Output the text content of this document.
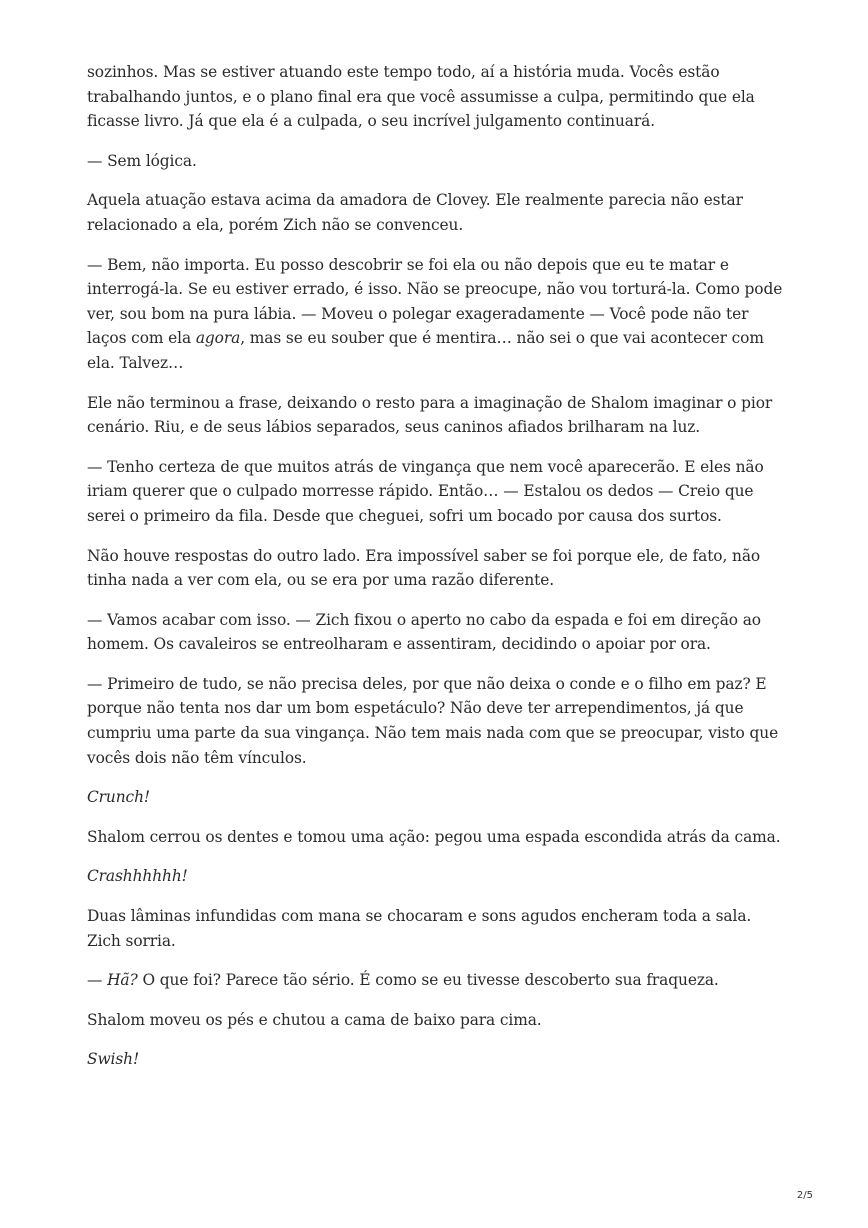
sozinhos. Mas se estiver atuando este tempo todo, aí a história muda. Vocês estão trabalhando juntos, e o plano final era que você assumisse a culpa, permitindo que ela ficasse livro. Já que ela é a culpada, o seu incrível julgamento continuará.

— Sem lógica.

Aquela atuação estava acima da amadora de Clovey. Ele realmente parecia não estar relacionado a ela, porém Zich não se convenceu.

— Bem, não importa. Eu posso descobrir se foi ela ou não depois que eu te matar e interrogá-la. Se eu estiver errado, é isso. Não se preocupe, não vou torturá-la. Como pode ver, sou bom na pura lábia. — Moveu o polegar exageradamente — Você pode não ter laços com ela agora, mas se eu souber que é mentira… não sei o que vai acontecer com ela. Talvez…

Ele não terminou a frase, deixando o resto para a imaginação de Shalom imaginar o pior cenário. Riu, e de seus lábios separados, seus caninos afiados brilharam na luz.

— Tenho certeza de que muitos atrás de vingança que nem você aparecerão. E eles não iriam querer que o culpado morresse rápido. Então… — Estalou os dedos — Creio que serei o primeiro da fila. Desde que cheguei, sofri um bocado por causa dos surtos.

Não houve respostas do outro lado. Era impossível saber se foi porque ele, de fato, não tinha nada a ver com ela, ou se era por uma razão diferente.

— Vamos acabar com isso. — Zich fixou o aperto no cabo da espada e foi em direção ao homem. Os cavaleiros se entreolharam e assentiram, decidindo o apoiar por ora.

— Primeiro de tudo, se não precisa deles, por que não deixa o conde e o filho em paz? E porque não tenta nos dar um bom espetáculo? Não deve ter arrependimentos, já que cumpriu uma parte da sua vingança. Não tem mais nada com que se preocupar, visto que vocês dois não têm vínculos.

Crunch!

Shalom cerrou os dentes e tomou uma ação: pegou uma espada escondida atrás da cama.

Crashhhhhh!

Duas lâminas infundidas com mana se chocaram e sons agudos encheram toda a sala. Zich sorria.

— Hã? O que foi? Parece tão sério. É como se eu tivesse descoberto sua fraqueza.

Shalom moveu os pés e chutou a cama de baixo para cima.

Swish!

2/5
